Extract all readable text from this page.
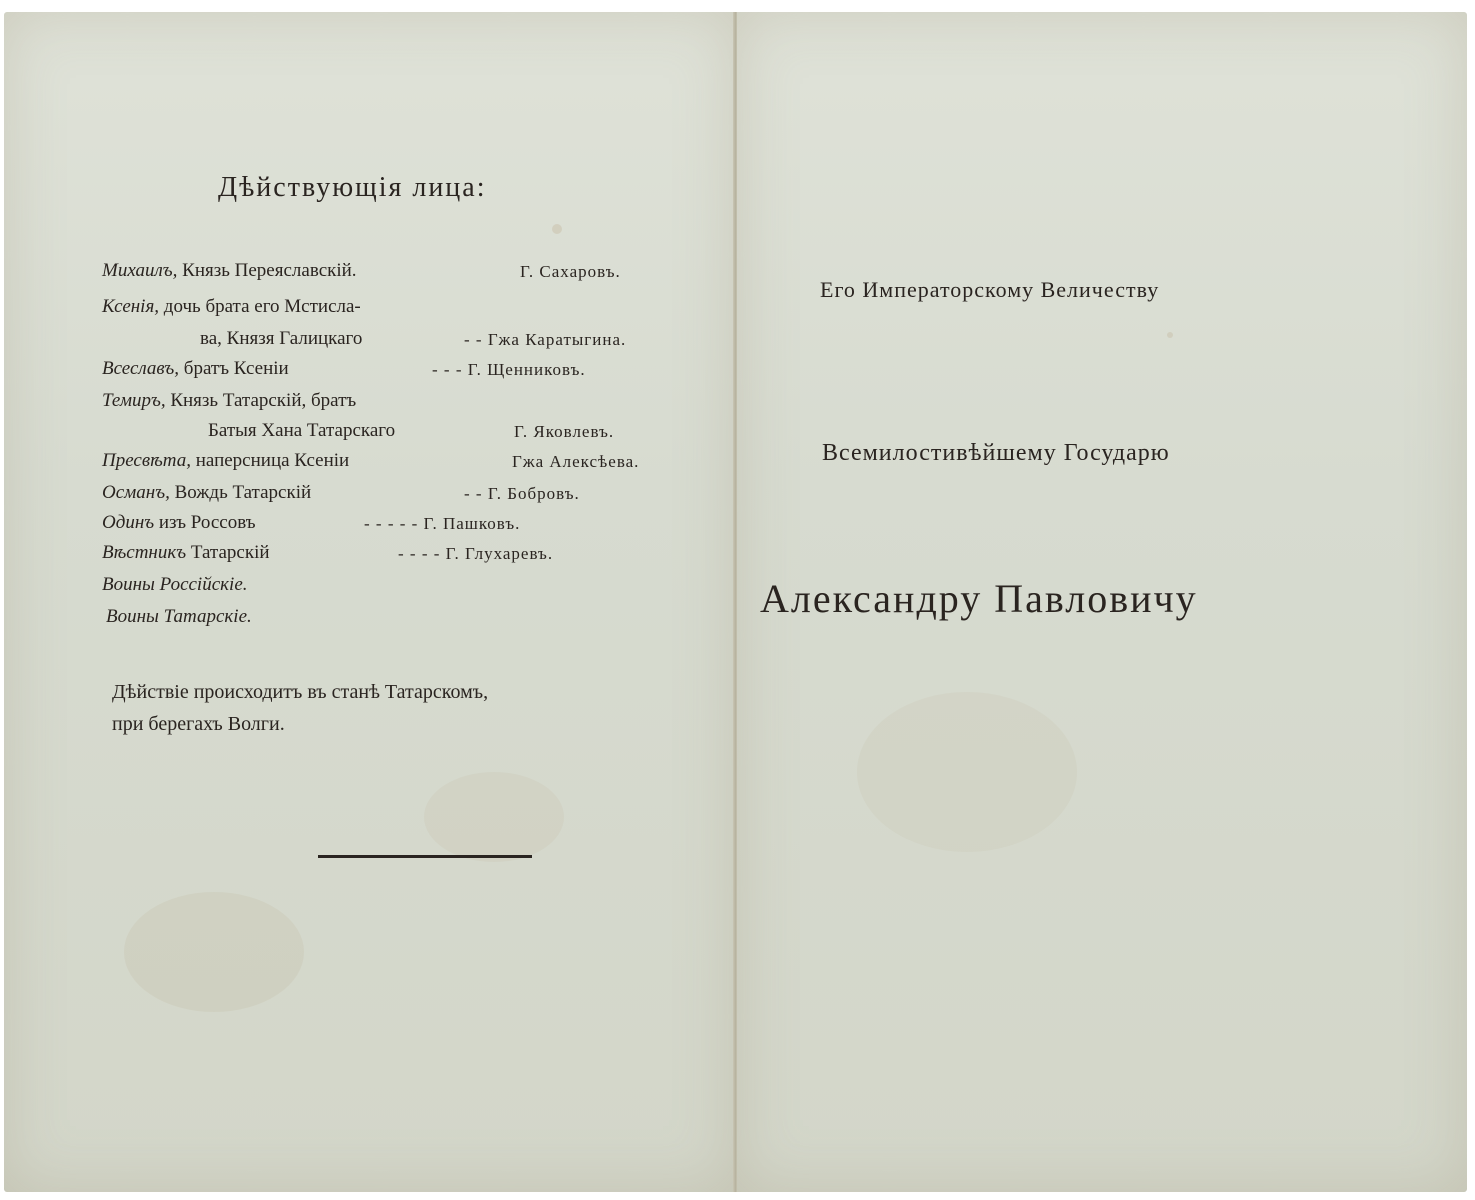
Дѣйствующія лица:
Михаилъ, Князь Переяславскій.	Г. Сахаровъ.
Ксенія, дочь брата его Мстисла-
ва, Князя Галицкаго	- - Гжа Каратыгина.
Всеславъ, братъ Ксеніи	- - - Г. Щенниковъ.
Темиръ, Князь Татарскій, братъ
Батыя Хана Татарскаго	Г. Яковлевъ.
Пресвѣта, наперсница Ксеніи	Гжа Алексѣева.
Османъ, Вождь Татарскій	- - Г. Бобровъ.
Одинъ изъ Россовъ	- - - - - Г. Пашковъ.
Вѣстникъ Татарскій	- - - - Г. Глухаревъ.
Воины Россійскіе.
Воины Татарскіе.
Дѣйствіе происходитъ въ станѣ Татарскомъ,
при берегахъ Волги.
Его Императорскому Величеству
Всемилостивѣйшему Государю
Александру Павловичу
